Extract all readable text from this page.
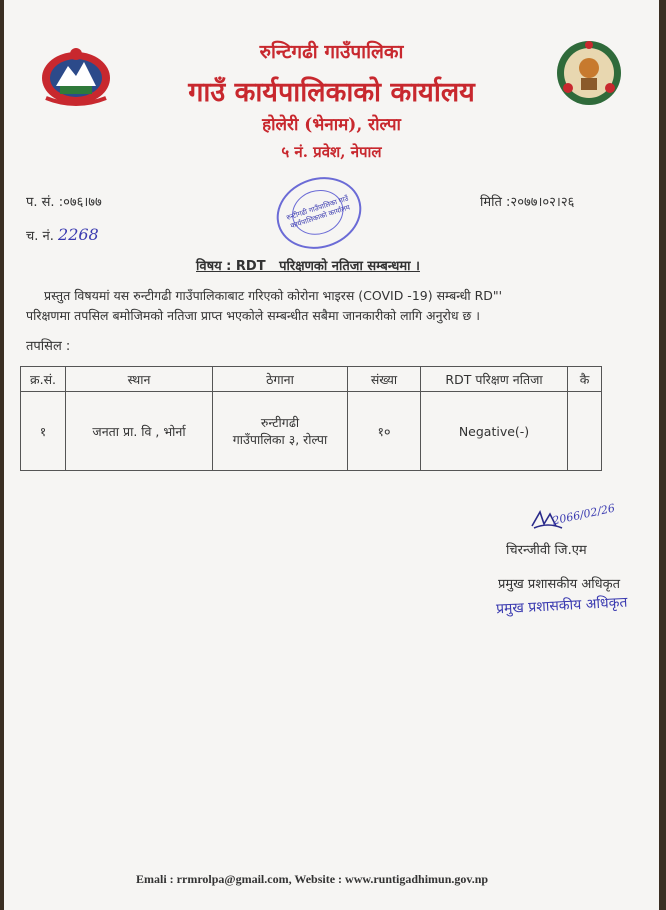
रुन्टिगढी गाउँपालिका
गाउँ कार्यपालिकाको कार्यालय
होलेरी (भेनाम), रोल्पा
५ नं. प्रवेश, नेपाल
प. सं. :०७६।७७
च. नं. 2268
मिति :२०७७।०२।२६
रुन्टीगढी गाउँपालिका गाउँ कार्यपालिकाको कार्यालय
विषय : RDT   परिक्षणको नतिजा सम्बन्धमा ।
प्रस्तुत विषयमां यस रुन्टीगढी गाउँपालिकाबाट गरिएको कोरोना भाइरस (COVID -19) सम्बन्धी RD"'
परिक्षणमा तपसिल बमोजिमको नतिजा प्राप्त भएकोले सम्बन्धीत सबैमा जानकारीको लागि अनुरोध छ ।
तपसिल :
क्र.सं.	स्थान	ठेगाना	संख्या	RDT परिक्षण नतिजा	कै
१	जनता प्रा. वि , भोर्ना	रुन्टीगढी
गाउँपालिका ३, रोल्पा	१०	Negative(-)	
2066/02/26
चिरन्जीवी जि.एम
प्रमुख प्रशासकीय अधिकृत
प्रमुख प्रशासकीय अधिकृत
Emali : rrmrolpa@gmail.com, Website : www.runtigadhimun.gov.np
